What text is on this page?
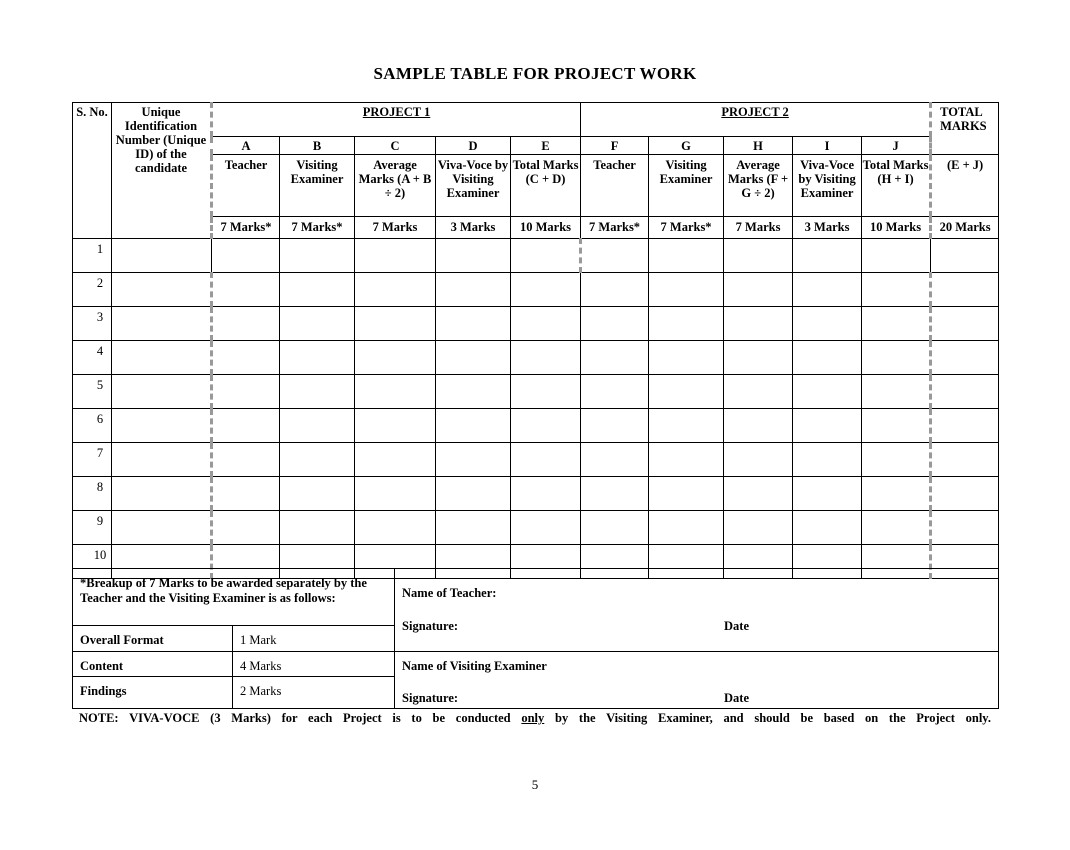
SAMPLE TABLE FOR PROJECT WORK
S. No.	Unique Identification Number (Unique ID) of the candidate	PROJECT 1					PROJECT 2					TOTAL MARKS
		A	B	C	D	E	F	G	H	I	J	
		Teacher	Visiting Examiner	Average Marks (A + B ÷ 2)	Viva-Voce by Visiting Examiner	Total Marks (C + D)	Teacher	Visiting Examiner	Average Marks (F + G ÷ 2)	Viva-Voce by Visiting Examiner	Total Marks (H + I)	(E + J)
		7 Marks*	7 Marks*	7 Marks	3 Marks	10 Marks	7 Marks*	7 Marks*	7 Marks	3 Marks	10 Marks	20 Marks
1												
2												
3												
4												
5												
6												
7												
8												
9												
10												
*Breakup of 7 Marks to be awarded separately by the Teacher and the Visiting Examiner is as follows:		Name of Teacher:
Signature: Date

Overall Format	1 Mark	
Content	4 Marks	Name of Visiting Examiner
Signature: Date

Findings	2 Marks	
NOTE: VIVA-VOCE (3 Marks) for each Project is to be conducted only by the Visiting Examiner, and should be based on the Project only.
5
